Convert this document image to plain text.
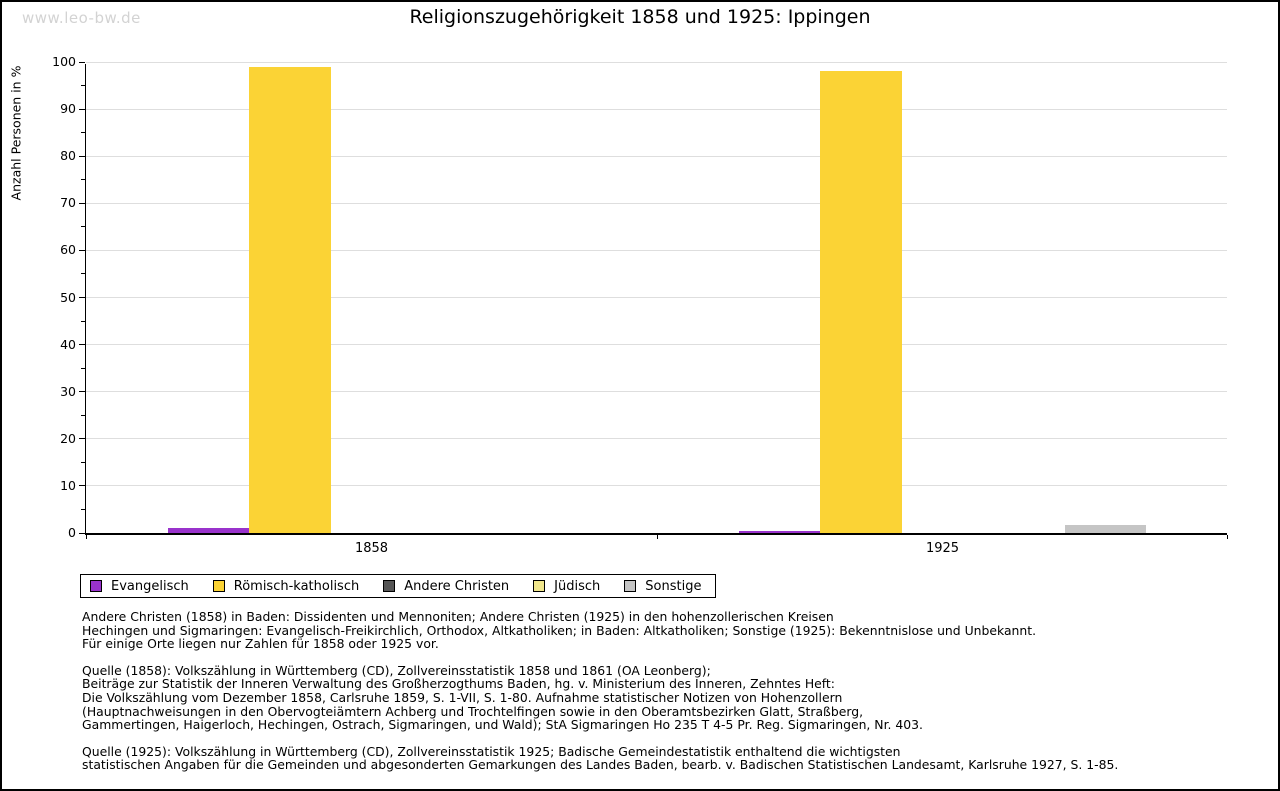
www.leo-bw.de	Religionszugehörigkeit 1858 und 1925: Ippingen
Anzahl Personen in %
0
10
20
30
40
50
60
70
80
90
100
1858	1925
Evangelisch	Römisch-katholisch	Andere Christen	Jüdisch	Sonstige
Andere Christen (1858) in Baden: Dissidenten und Mennoniten; Andere Christen (1925) in den hohenzollerischen Kreisen
Hechingen und Sigmaringen: Evangelisch-Freikirchlich, Orthodox, Altkatholiken; in Baden: Altkatholiken; Sonstige (1925): Bekenntnislose und Unbekannt.
Für einige Orte liegen nur Zahlen für 1858 oder 1925 vor.
Quelle (1858): Volkszählung in Württemberg (CD), Zollvereinsstatistik 1858 und 1861 (OA Leonberg);
Beiträge zur Statistik der Inneren Verwaltung des Großherzogthums Baden, hg. v. Ministerium des Inneren, Zehntes Heft:
Die Volkszählung vom Dezember 1858, Carlsruhe 1859, S. 1-VII, S. 1-80. Aufnahme statistischer Notizen von Hohenzollern
(Hauptnachweisungen in den Obervogteiämtern Achberg und Trochtelfingen sowie in den Oberamtsbezirken Glatt, Straßberg,
Gammertingen, Haigerloch, Hechingen, Ostrach, Sigmaringen, und Wald); StA Sigmaringen Ho 235 T 4-5 Pr. Reg. Sigmaringen, Nr. 403.
Quelle (1925): Volkszählung in Württemberg (CD), Zollvereinsstatistik 1925; Badische Gemeindestatistik enthaltend die wichtigsten
statistischen Angaben für die Gemeinden und abgesonderten Gemarkungen des Landes Baden, bearb. v. Badischen Statistischen Landesamt, Karlsruhe 1927, S. 1-85.
